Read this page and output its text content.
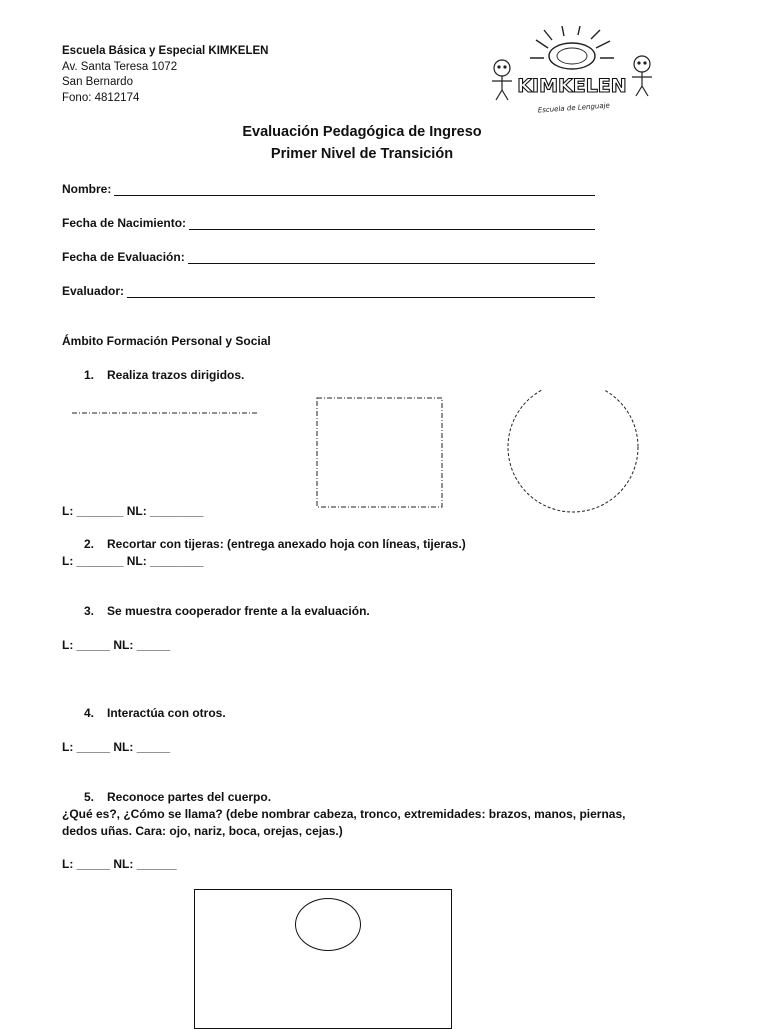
Escuela Básica y Especial KIMKELEN
Av. Santa Teresa 1072
San Bernardo
Fono: 4812174
KIMKELEN
Escuela de Lenguaje
Evaluación Pedagógica de Ingreso
Primer Nivel de Transición
Nombre:
Fecha de Nacimiento:
Fecha de Evaluación:
Evaluador:
Ámbito Formación Personal y Social
1. Realiza trazos dirigidos.
L: _______ NL: ________
2. Recortar con tijeras: (entrega anexado hoja con líneas, tijeras.)
L: _______ NL: ________
3. Se muestra cooperador frente a la evaluación.
L: _____ NL: _____
4. Interactúa con otros.
L: _____ NL: _____
5. Reconoce partes del cuerpo.
¿Qué es?, ¿Cómo se llama? (debe nombrar cabeza, tronco, extremidades: brazos, manos, piernas, dedos uñas. Cara: ojo, nariz, boca, orejas, cejas.)
L: _____ NL: ______
